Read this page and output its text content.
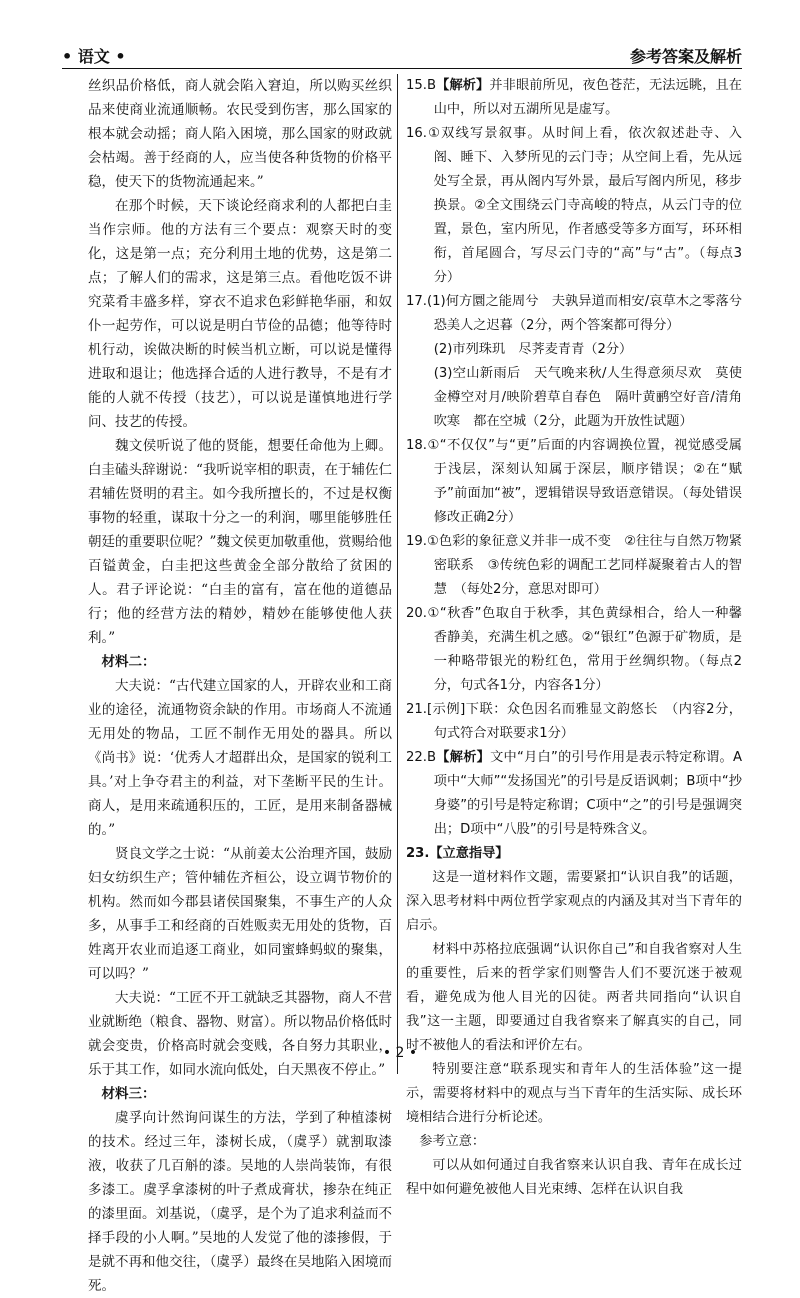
• 语文 •	参考答案及解析

丝织品价格低，商人就会陷入窘迫，所以购买丝织品来使商业流通顺畅。农民受到伤害，那么国家的根本就会动摇；商人陷入困境，那么国家的财政就会枯竭。善于经商的人，应当使各种货物的价格平稳，使天下的货物流通起来。”

在那个时候，天下谈论经商求利的人都把白圭当作宗师。他的方法有三个要点：观察天时的变化，这是第一点；充分利用土地的优势，这是第二点；了解人们的需求，这是第三点。看他吃饭不讲究菜肴丰盛多样，穿衣不追求色彩鲜艳华丽，和奴仆一起劳作，可以说是明白节俭的品德；他等待时机行动，诶做决断的时候当机立断，可以说是懂得进取和退让；他选择合适的人进行教导，不是有才能的人就不传授（技艺），可以说是谨慎地进行学问、技艺的传授。

魏文侯听说了他的贤能，想要任命他为上卿。白圭磕头辞谢说：“我听说宰相的职责，在于辅佐仁君辅佐贤明的君主。如今我所擅长的，不过是权衡事物的轻重，谋取十分之一的利润，哪里能够胜任朝廷的重要职位呢？”魏文侯更加敬重他，赏赐给他百镒黄金，白圭把这些黄金全部分散给了贫困的人。君子评论说：“白圭的富有，富在他的道德品行；他的经营方法的精妙，精妙在能够使他人获利。”

材料二：

大夫说：“古代建立国家的人，开辟农业和工商业的途径，流通物资余缺的作用。市场商人不流通无用处的物品，工匠不制作无用处的器具。所以《尚书》说：‘优秀人才超群出众，是国家的锐利工具。’对上争夺君主的利益，对下垄断平民的生计。商人，是用来疏通积压的，工匠，是用来制备器械的。”

贤良文学之士说：“从前姜太公治理齐国，鼓励妇女纺织生产；管仲辅佐齐桓公，设立调节物价的机构。然而如今郡县诸侯国聚集，不事生产的人众多，从事手工和经商的百姓贩卖无用处的货物，百姓离开农业而追逐工商业，如同蜜蜂蚂蚁的聚集，可以吗？”

大夫说：“工匠不开工就缺乏其器物，商人不营业就断绝（粮食、器物、财富）。所以物品价格低时就会变贵，价格高时就会变贱，各自努力其职业，乐于其工作，如同水流向低处，白天黑夜不停止。”

材料三：

虞孚向计然询问谋生的方法，学到了种植漆树的技术。经过三年，漆树长成，（虞孚）就割取漆液，收获了几百斛的漆。吴地的人崇尚装饰，有很多漆工。虞孚拿漆树的叶子煮成膏状，掺杂在纯正的漆里面。刘基说，（虞孚，是个为了追求利益而不择手段的小人啊。”吴地的人发觉了他的漆掺假，于是就不再和他交往，（虞孚）最终在吴地陷入困境而死。

15.B【解析】并非眼前所见，夜色苍茫，无法远眺，且在山中，所以对五湖所见是虚写。

16.①双线写景叙事。从时间上看，依次叙述赴寺、入阁、睡下、入梦所见的云门寺；从空间上看，先从远处写全景，再从阁内写外景，最后写阁内所见，移步换景。②全文围绕云门寺高峻的特点，从云门寺的位置，景色，室内所见，作者感受等多方面写，环环相衔，首尾圆合，写尽云门寺的“高”与“古”。（每点3分）

17.(1)何方圜之能周兮　夫孰异道而相安/哀草木之零落兮　恐美人之迟暮（2分，两个答案都可得分）

(2)市列珠玑　尽荠麦青青（2分）

(3)空山新雨后　天气晚来秋/人生得意须尽欢　莫使金樽空对月/映阶碧草自春色　隔叶黄鹂空好音/清角吹寒　都在空城（2分，此题为开放性试题）

18.①“不仅仅”与“更”后面的内容调换位置，视觉感受属于浅层，深刻认知属于深层，顺序错误；②在“赋予”前面加“被”，逻辑错误导致语意错误。（每处错误修改正确2分）

19.①色彩的象征意义并非一成不变　②往往与自然万物紧密联系　③传统色彩的调配工艺同样凝聚着古人的智慧　（每处2分，意思对即可）

20.①“秋香”色取自于秋季，其色黄绿相合，给人一种馨香静美，充满生机之感。②“银红”色源于矿物质，是一种略带银光的粉红色，常用于丝绸织物。（每点2分，句式各1分，内容各1分）

21.[示例]下联：众色因名而雅显文韵悠长　（内容2分，句式符合对联要求1分）

22.B【解析】文中“月白”的引号作用是表示特定称谓。A项中“大师”“发扬国光”的引号是反语讽刺；B项中“抄身婆”的引号是特定称谓；C项中“之”的引号是强调突出；D项中“八股”的引号是特殊含义。

23.【立意指导】

这是一道材料作文题，需要紧扣“认识自我”的话题，深入思考材料中两位哲学家观点的内涵及其对当下青年的启示。

材料中苏格拉底强调“认识你自己”和自我省察对人生的重要性，后来的哲学家们则警告人们不要沉迷于被观看，避免成为他人目光的囚徒。两者共同指向“认识自我”这一主题，即要通过自我省察来了解真实的自己，同时不被他人的看法和评价左右。

特别要注意“联系现实和青年人的生活体验”这一提示，需要将材料中的观点与当下青年的生活实际、成长环境相结合进行分析论述。

参考立意：

可以从如何通过自我省察来认识自我、青年在成长过程中如何避免被他人目光束缚、怎样在认识自我

• 2 •
